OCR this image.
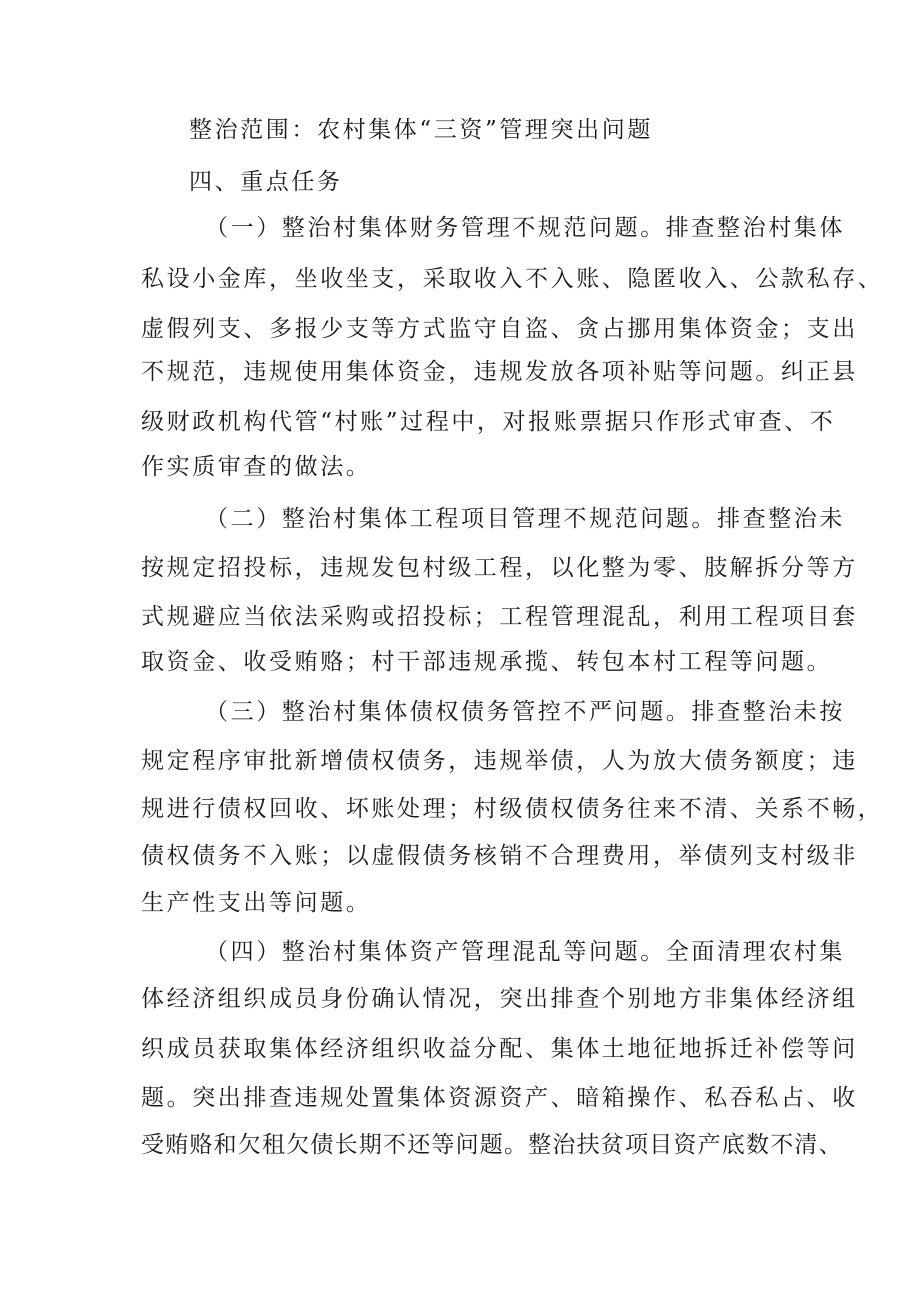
整治范围：农村集体“三资”管理突出问题
四、重点任务
（一）整治村集体财务管理不规范问题。排查整治村集体
私设小金库，坐收坐支，采取收入不入账、隐匿收入、公款私存、
虚假列支、多报少支等方式监守自盗、贪占挪用集体资金；支出
不规范，违规使用集体资金，违规发放各项补贴等问题。纠正县
级财政机构代管“村账”过程中，对报账票据只作形式审查、不
作实质审查的做法。
（二）整治村集体工程项目管理不规范问题。排查整治未
按规定招投标，违规发包村级工程，以化整为零、肢解拆分等方
式规避应当依法采购或招投标；工程管理混乱，利用工程项目套
取资金、收受贿赂；村干部违规承揽、转包本村工程等问题。
（三）整治村集体债权债务管控不严问题。排查整治未按
规定程序审批新增债权债务，违规举债，人为放大债务额度；违
规进行债权回收、坏账处理；村级债权债务往来不清、关系不畅，
债权债务不入账；以虚假债务核销不合理费用，举债列支村级非
生产性支出等问题。
（四）整治村集体资产管理混乱等问题。全面清理农村集
体经济组织成员身份确认情况，突出排查个别地方非集体经济组
织成员获取集体经济组织收益分配、集体土地征地拆迁补偿等问
题。突出排查违规处置集体资源资产、暗箱操作、私吞私占、收
受贿赂和欠租欠债长期不还等问题。整治扶贫项目资产底数不清、
